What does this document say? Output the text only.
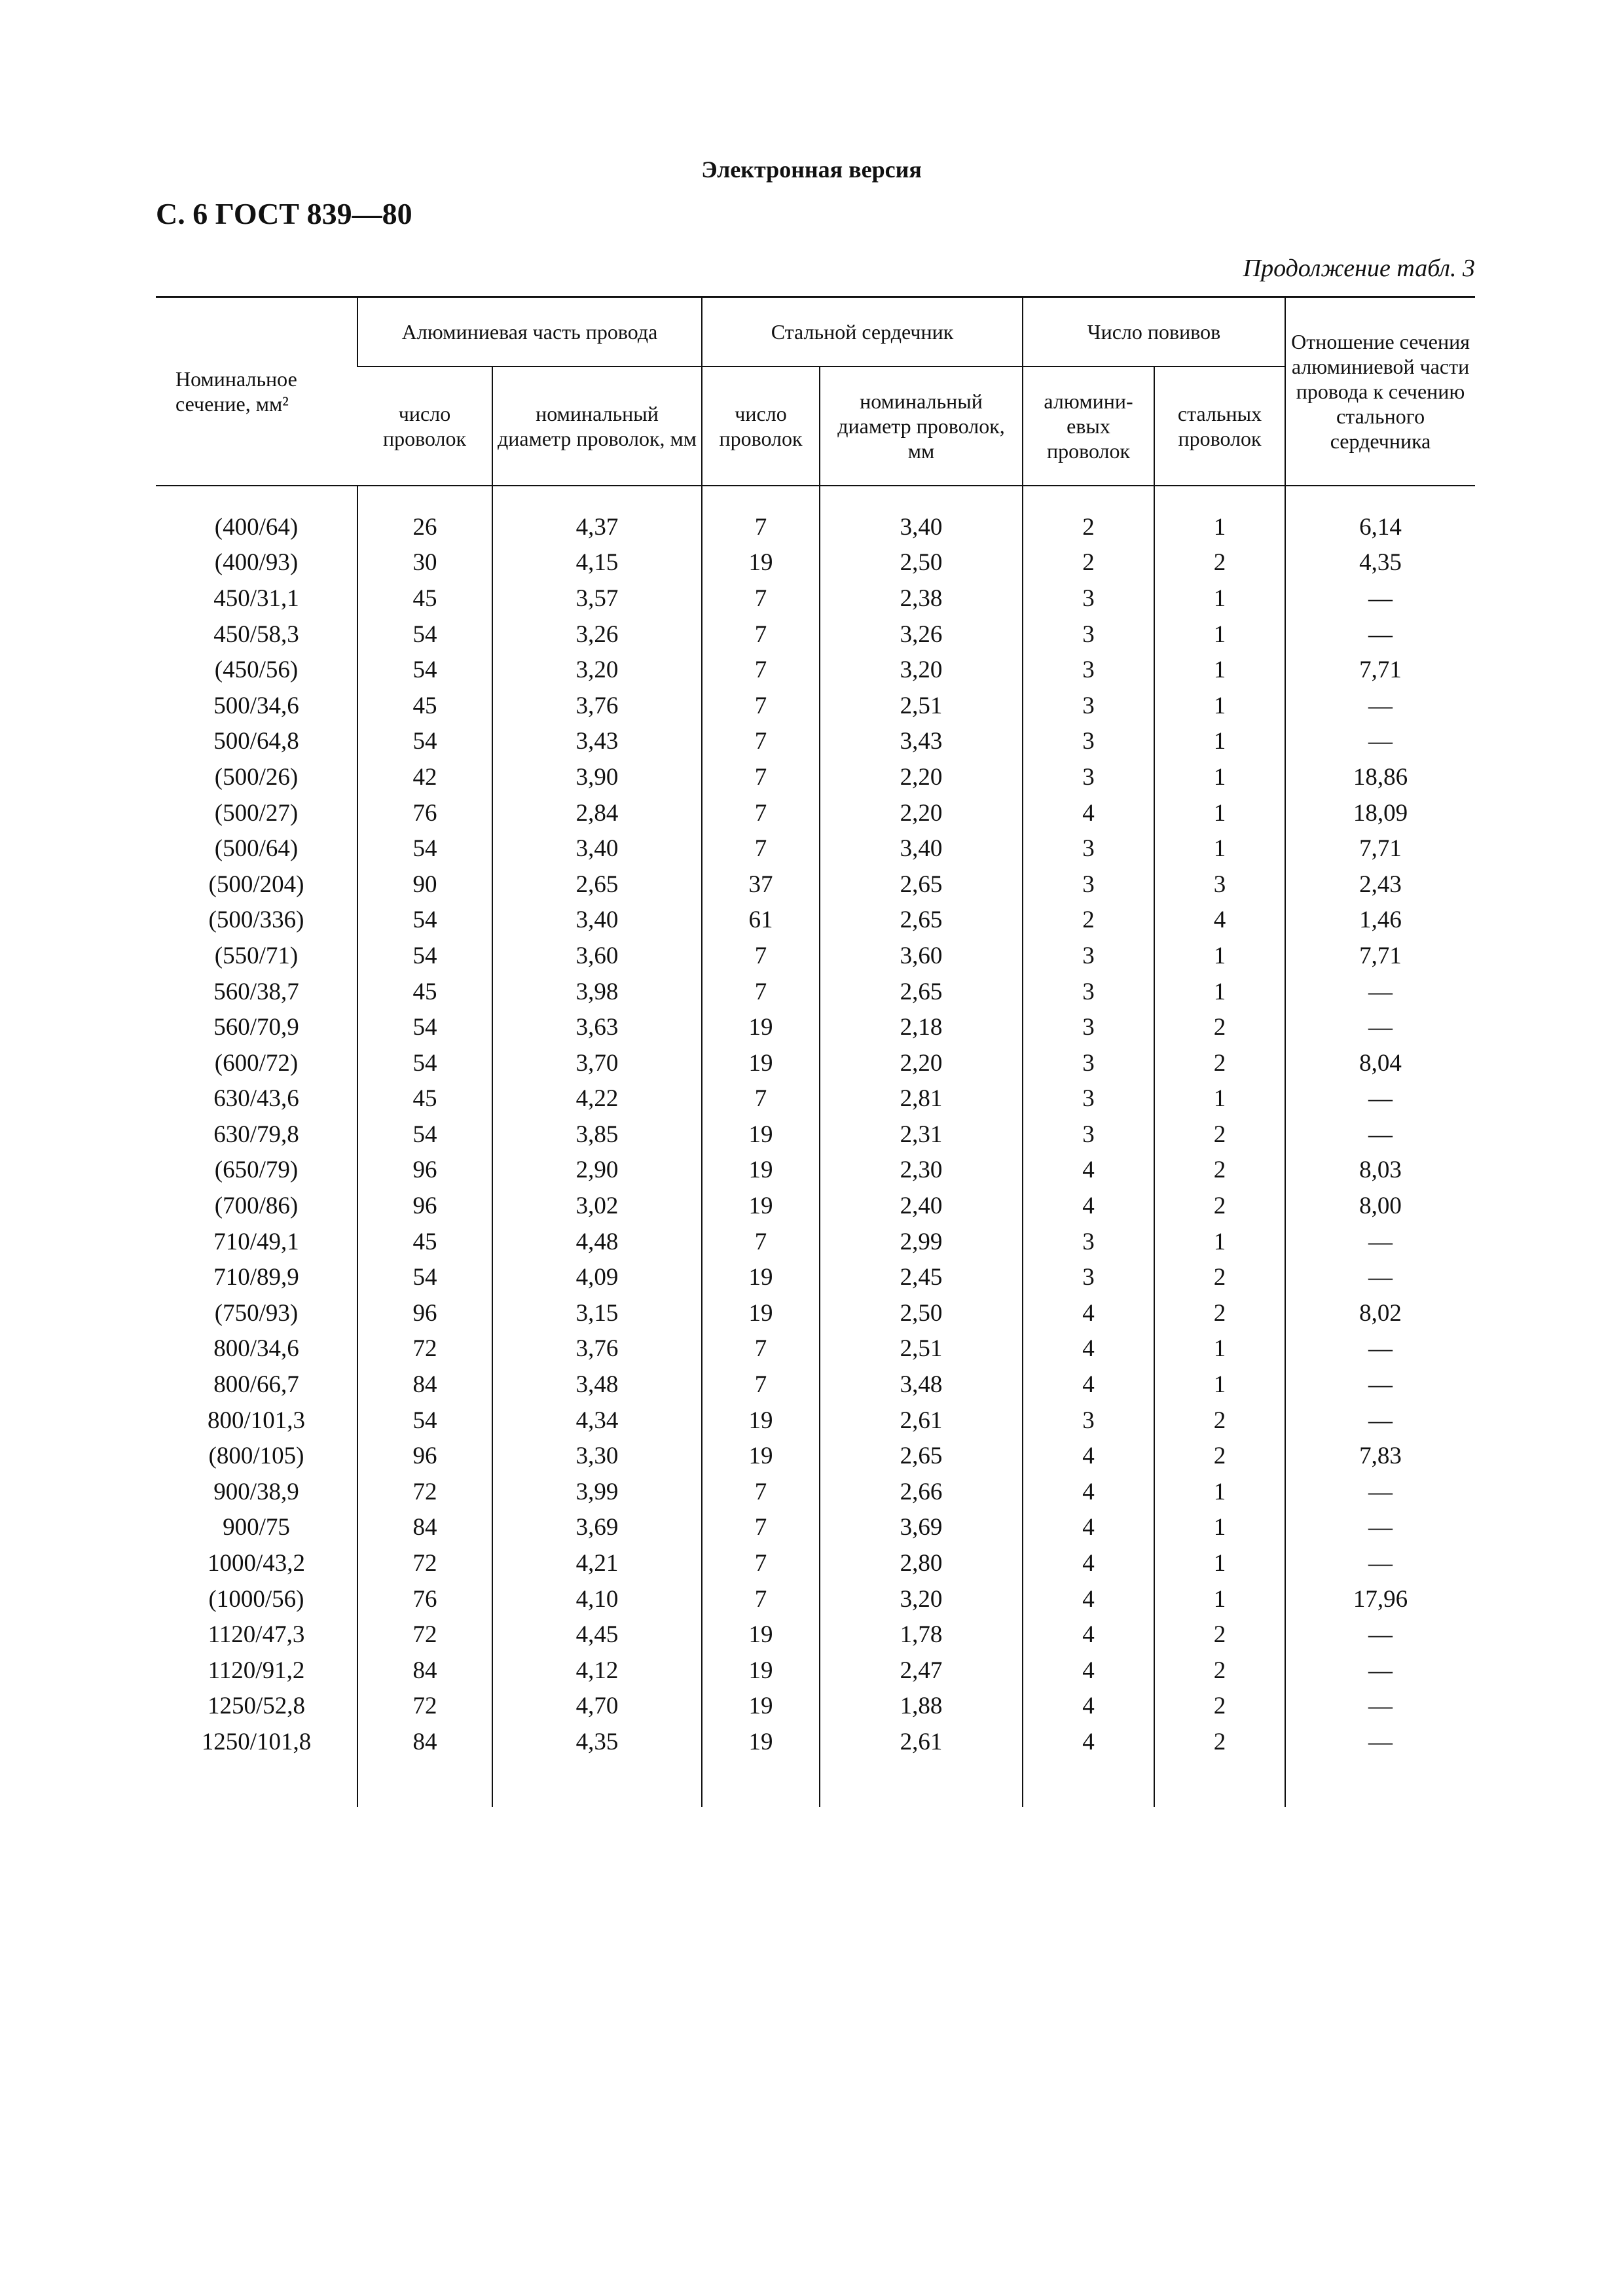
Электронная версия
С. 6 ГОСТ 839—80
Продолжение табл. 3
Номинальное сечение, мм²	Алюминиевая часть провода		Стальной сердечник		Число повивов		Отношение сечения алюминиевой части провода к сечению стального сердечника
	число проволок	номинальный диаметр проволок, мм	число проволок	номинальный диаметр проволок, мм	алюминиевых проволок	стальных проволок	

(400/64)	26	4,37	7	3,40	2	1	6,14
(400/93)	30	4,15	19	2,50	2	2	4,35
450/31,1	45	3,57	7	2,38	3	1	—
450/58,3	54	3,26	7	3,26	3	1	—
(450/56)	54	3,20	7	3,20	3	1	7,71
500/34,6	45	3,76	7	2,51	3	1	—
500/64,8	54	3,43	7	3,43	3	1	—
(500/26)	42	3,90	7	2,20	3	1	18,86
(500/27)	76	2,84	7	2,20	4	1	18,09
(500/64)	54	3,40	7	3,40	3	1	7,71
(500/204)	90	2,65	37	2,65	3	3	2,43
(500/336)	54	3,40	61	2,65	2	4	1,46
(550/71)	54	3,60	7	3,60	3	1	7,71
560/38,7	45	3,98	7	2,65	3	1	—
560/70,9	54	3,63	19	2,18	3	2	—
(600/72)	54	3,70	19	2,20	3	2	8,04
630/43,6	45	4,22	7	2,81	3	1	—
630/79,8	54	3,85	19	2,31	3	2	—
(650/79)	96	2,90	19	2,30	4	2	8,03
(700/86)	96	3,02	19	2,40	4	2	8,00
710/49,1	45	4,48	7	2,99	3	1	—
710/89,9	54	4,09	19	2,45	3	2	—
(750/93)	96	3,15	19	2,50	4	2	8,02
800/34,6	72	3,76	7	2,51	4	1	—
800/66,7	84	3,48	7	3,48	4	1	—
800/101,3	54	4,34	19	2,61	3	2	—
(800/105)	96	3,30	19	2,65	4	2	7,83
900/38,9	72	3,99	7	2,66	4	1	—
900/75	84	3,69	7	3,69	4	1	—
1000/43,2	72	4,21	7	2,80	4	1	—
(1000/56)	76	4,10	7	3,20	4	1	17,96
1120/47,3	72	4,45	19	1,78	4	2	—
1120/91,2	84	4,12	19	2,47	4	2	—
1250/52,8	72	4,70	19	1,88	4	2	—
1250/101,8	84	4,35	19	2,61	4	2	—
